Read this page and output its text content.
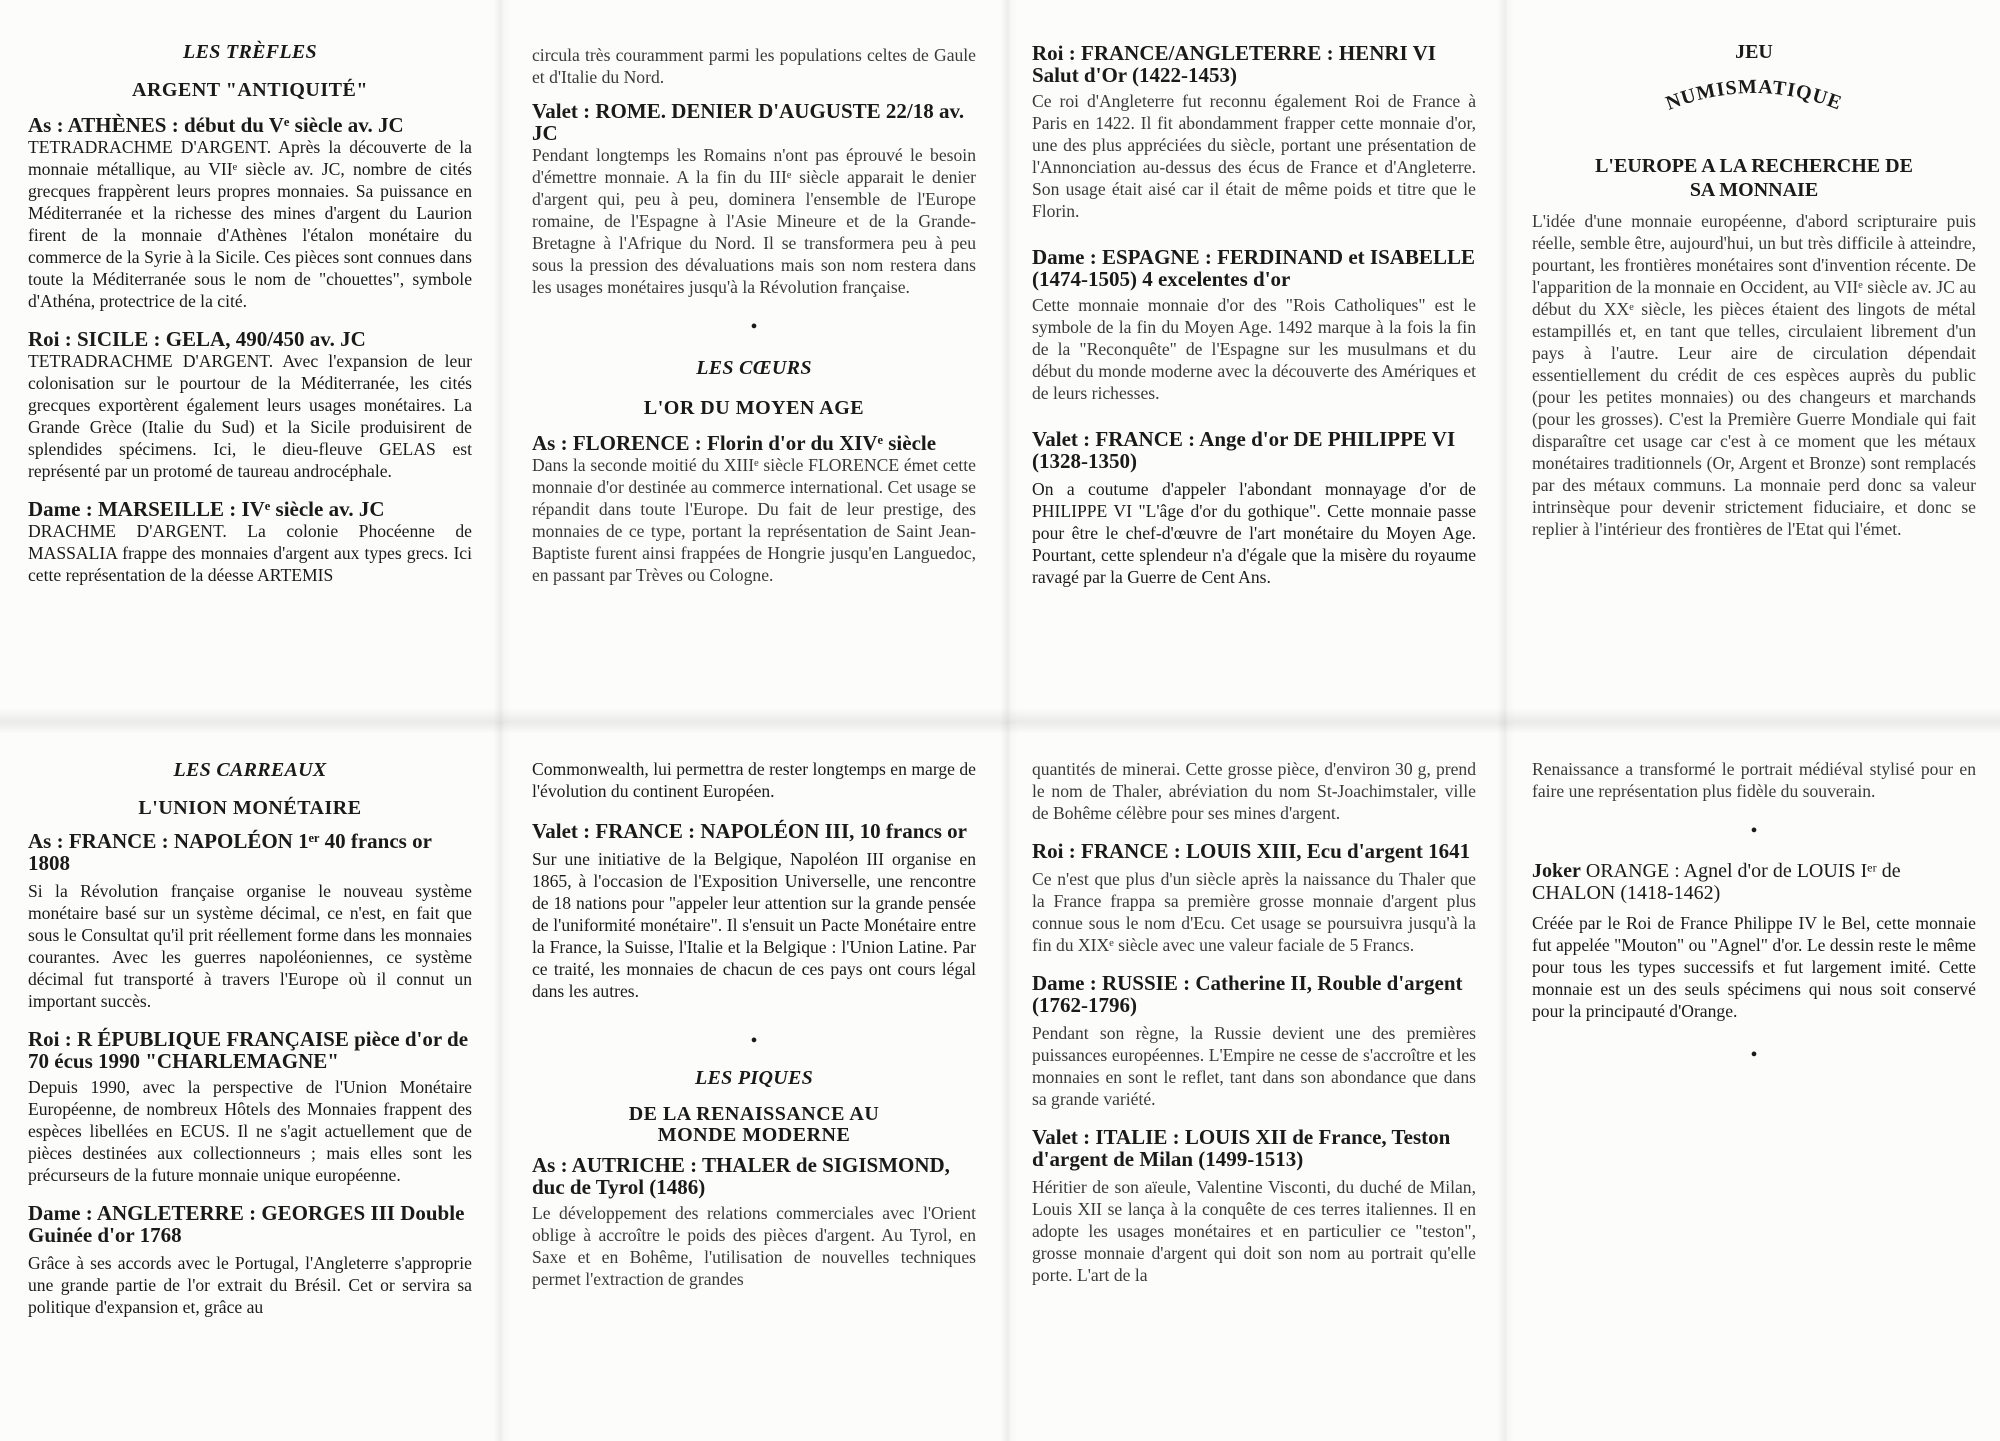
LES TRÈFLES

ARGENT "ANTIQUITÉ"

As : ATHÈNES : début du Vᵉ siècle av. JC

TETRADRACHME D'ARGENT. Après la découverte de la monnaie métallique, au VIIᵉ siècle av. JC, nombre de cités grecques frappèrent leurs propres monnaies. Sa puissance en Méditerranée et la richesse des mines d'argent du Laurion firent de la monnaie d'Athènes l'étalon monétaire du commerce de la Syrie à la Sicile. Ces pièces sont connues dans toute la Méditerranée sous le nom de "chouettes", symbole d'Athéna, protectrice de la cité.

Roi : SICILE : GELA, 490/450 av. JC

TETRADRACHME D'ARGENT. Avec l'expansion de leur colonisation sur le pourtour de la Méditerranée, les cités grecques exportèrent également leurs usages monétaires. La Grande Grèce (Italie du Sud) et la Sicile produisirent de splendides spécimens. Ici, le dieu-fleuve GELAS est représenté par un protomé de taureau androcéphale.

Dame : MARSEILLE : IVᵉ siècle av. JC

DRACHME D'ARGENT. La colonie Phocéenne de MASSALIA frappe des monnaies d'argent aux types grecs. Ici cette représentation de la déesse ARTEMIS

circula très couramment parmi les populations celtes de Gaule et d'Italie du Nord.

Valet : ROME. DENIER D'AUGUSTE 22/18 av. JC

Pendant longtemps les Romains n'ont pas éprouvé le besoin d'émettre monnaie. A la fin du IIIᵉ siècle apparait le denier d'argent qui, peu à peu, dominera l'ensemble de l'Europe romaine, de l'Espagne à l'Asie Mineure et de la Grande-Bretagne à l'Afrique du Nord. Il se transformera peu à peu sous la pression des dévaluations mais son nom restera dans les usages monétaires jusqu'à la Révolution française.

•

LES CŒURS

L'OR DU MOYEN AGE

As : FLORENCE : Florin d'or du XIVᵉ siècle

Dans la seconde moitié du XIIIᵉ siècle FLORENCE émet cette monnaie d'or destinée au commerce international. Cet usage se répandit dans toute l'Europe. Du fait de leur prestige, des monnaies de ce type, portant la représentation de Saint Jean-Baptiste furent ainsi frappées de Hongrie jusqu'en Languedoc, en passant par Trèves ou Cologne.

Roi : FRANCE/ANGLETERRE : HENRI VI Salut d'Or (1422-1453)

Ce roi d'Angleterre fut reconnu également Roi de France à Paris en 1422. Il fit abondamment frapper cette monnaie d'or, une des plus appréciées du siècle, portant une présentation de l'Annonciation au-dessus des écus de France et d'Angleterre. Son usage était aisé car il était de même poids et titre que le Florin.

Dame : ESPAGNE : FERDINAND et ISABELLE (1474-1505) 4 excelentes d'or

Cette monnaie monnaie d'or des "Rois Catholiques" est le symbole de la fin du Moyen Age. 1492 marque à la fois la fin de la "Reconquête" de l'Espagne sur les musulmans et du début du monde moderne avec la découverte des Amériques et de leurs richesses.

Valet : FRANCE : Ange d'or DE PHILIPPE VI (1328-1350)

On a coutume d'appeler l'abondant monnayage d'or de PHILIPPE VI "L'âge d'or du gothique". Cette monnaie passe pour être le chef-d'œuvre de l'art monétaire du Moyen Age. Pourtant, cette splendeur n'a d'égale que la misère du royaume ravagé par la Guerre de Cent Ans.

JEU

NUMISMATIQUE

L'EUROPE A LA RECHERCHE DE SA MONNAIE

L'idée d'une monnaie européenne, d'abord scripturaire puis réelle, semble être, aujourd'hui, un but très difficile à atteindre, pourtant, les frontières monétaires sont d'invention récente. De l'apparition de la monnaie en Occident, au VIIᵉ siècle av. JC au début du XXᵉ siècle, les pièces étaient des lingots de métal estampillés et, en tant que telles, circulaient librement d'un pays à l'autre. Leur aire de circulation dépendait essentiellement du crédit de ces espèces auprès du public (pour les petites monnaies) ou des changeurs et marchands (pour les grosses). C'est la Première Guerre Mondiale qui fait disparaître cet usage car c'est à ce moment que les métaux monétaires traditionnels (Or, Argent et Bronze) sont remplacés par des métaux communs. La monnaie perd donc sa valeur intrinsèque pour devenir strictement fiduciaire, et donc se replier à l'intérieur des frontières de l'Etat qui l'émet.

LES CARREAUX

L'UNION MONÉTAIRE

As : FRANCE : NAPOLÉON 1ᵉʳ 40 francs or 1808

Si la Révolution française organise le nouveau système monétaire basé sur un système décimal, ce n'est, en fait que sous le Consultat qu'il prit réellement forme dans les monnaies courantes. Avec les guerres napoléoniennes, ce système décimal fut transporté à travers l'Europe où il connut un important succès.

Roi : R ÉPUBLIQUE FRANÇAISE pièce d'or de 70 écus 1990 "CHARLEMAGNE"

Depuis 1990, avec la perspective de l'Union Monétaire Européenne, de nombreux Hôtels des Monnaies frappent des espèces libellées en ECUS. Il ne s'agit actuellement que de pièces destinées aux collectionneurs ; mais elles sont les précurseurs de la future monnaie unique européenne.

Dame : ANGLETERRE : GEORGES III Double Guinée d'or 1768

Grâce à ses accords avec le Portugal, l'Angleterre s'approprie une grande partie de l'or extrait du Brésil. Cet or servira sa politique d'expansion et, grâce au

Commonwealth, lui permettra de rester longtemps en marge de l'évolution du continent Européen.

Valet : FRANCE : NAPOLÉON III, 10 francs or

Sur une initiative de la Belgique, Napoléon III organise en 1865, à l'occasion de l'Exposition Universelle, une rencontre de 18 nations pour "appeler leur attention sur la grande pensée de l'uniformité monétaire". Il s'ensuit un Pacte Monétaire entre la France, la Suisse, l'Italie et la Belgique : l'Union Latine. Par ce traité, les monnaies de chacun de ces pays ont cours légal dans les autres.

•

LES PIQUES

DE LA RENAISSANCE AU MONDE MODERNE

As : AUTRICHE : THALER de SIGISMOND, duc de Tyrol (1486)

Le développement des relations commerciales avec l'Orient oblige à accroître le poids des pièces d'argent. Au Tyrol, en Saxe et en Bohême, l'utilisation de nouvelles techniques permet l'extraction de grandes

quantités de minerai. Cette grosse pièce, d'environ 30 g, prend le nom de Thaler, abréviation du nom St-Joachimstaler, ville de Bohême célèbre pour ses mines d'argent.

Roi : FRANCE : LOUIS XIII, Ecu d'argent 1641

Ce n'est que plus d'un siècle après la naissance du Thaler que la France frappa sa première grosse monnaie d'argent plus connue sous le nom d'Ecu. Cet usage se poursuivra jusqu'à la fin du XIXᵉ siècle avec une valeur faciale de 5 Francs.

Dame : RUSSIE : Catherine II, Rouble d'argent (1762-1796)

Pendant son règne, la Russie devient une des premières puissances européennes. L'Empire ne cesse de s'accroître et les monnaies en sont le reflet, tant dans son abondance que dans sa grande variété.

Valet : ITALIE : LOUIS XII de France, Teston d'argent de Milan (1499-1513)

Héritier de son aïeule, Valentine Visconti, du duché de Milan, Louis XII se lança à la conquête de ces terres italiennes. Il en adopte les usages monétaires et en particulier ce "teston", grosse monnaie d'argent qui doit son nom au portrait qu'elle porte. L'art de la

Renaissance a transformé le portrait médiéval stylisé pour en faire une représentation plus fidèle du souverain.

•

Joker ORANGE : Agnel d'or de LOUIS Iᵉʳ de CHALON (1418-1462)

Créée par le Roi de France Philippe IV le Bel, cette monnaie fut appelée "Mouton" ou "Agnel" d'or. Le dessin reste le même pour tous les types successifs et fut largement imité. Cette monnaie est un des seuls spécimens qui nous soit conservé pour la principauté d'Orange.

•
